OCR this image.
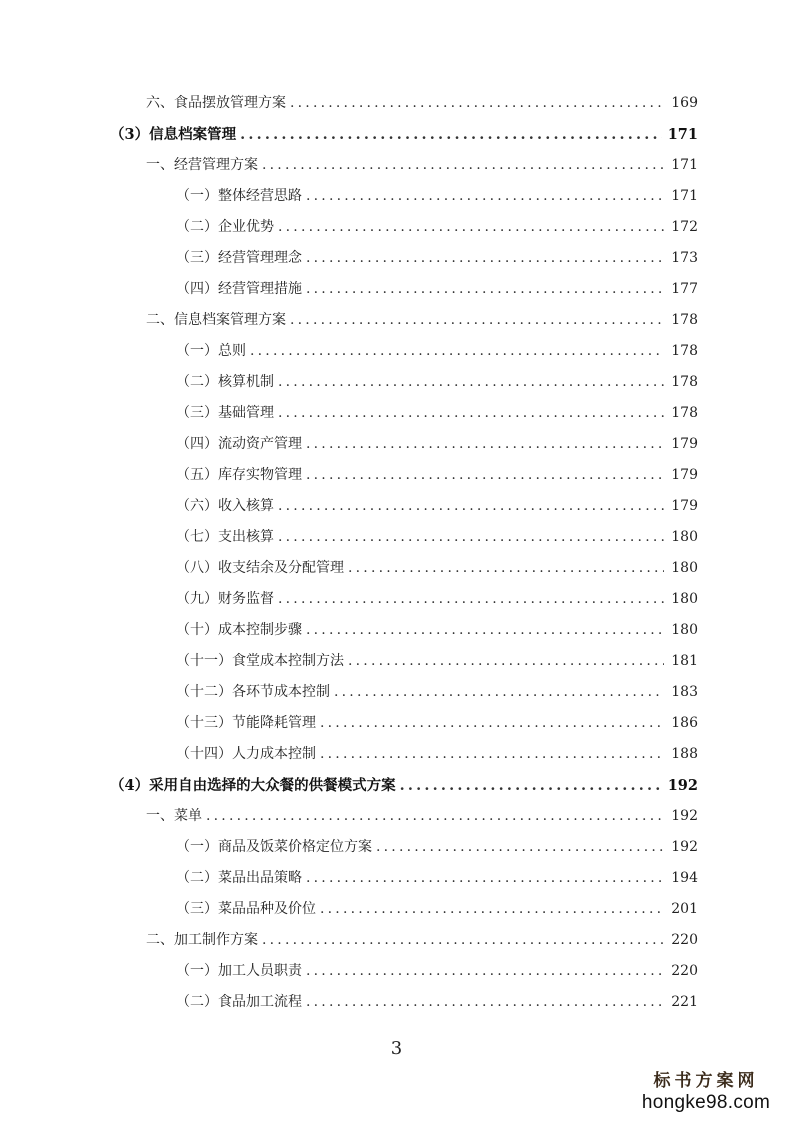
六、食品摆放管理方案 .....	169
（3）信息档案管理 .....	171
一、经营管理方案 .....	171
（一）整体经营思路 .....	171
（二）企业优势 .....	172
（三）经营管理理念 .....	173
（四）经营管理措施 .....	177
二、信息档案管理方案 .....	178
（一）总则 .....	178
（二）核算机制 .....	178
（三）基础管理 .....	178
（四）流动资产管理 .....	179
（五）库存实物管理 .....	179
（六）收入核算 .....	179
（七）支出核算 .....	180
（八）收支结余及分配管理 .....	180
（九）财务监督 .....	180
（十）成本控制步骤 .....	180
（十一）食堂成本控制方法 .....	181
（十二）各环节成本控制 .....	183
（十三）节能降耗管理 .....	186
（十四）人力成本控制 .....	188
（4）采用自由选择的大众餐的供餐模式方案 .....	192
一、菜单 .....	192
（一）商品及饭菜价格定位方案 .....	192
（二）菜品出品策略 .....	194
（三）菜品品种及价位 .....	201
二、加工制作方案 .....	220
（一）加工人员职责 .....	220
（二）食品加工流程 .....	221
3
标书方案网
hongke98.com
